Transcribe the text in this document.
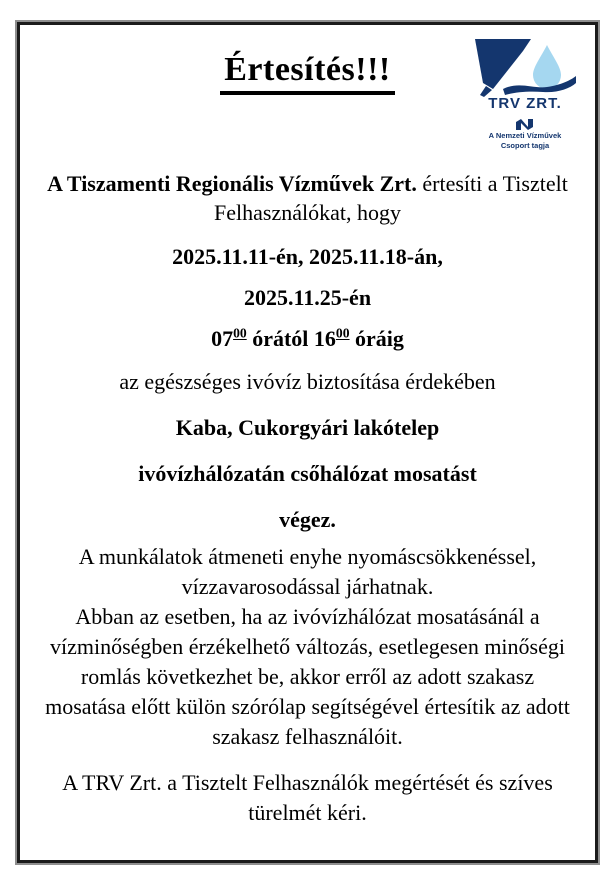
TRV ZRT.
A Nemzeti Vízművek
Csoport tagja
Értesítés!!!

A Tiszamenti Regionális Vízművek Zrt. értesíti a Tisztelt Felhasználókat, hogy

2025.11.11-én, 2025.11.18-án,

2025.11.25-én

$07^{00}$ órától $16^{00}$ óráig

az egészséges ivóvíz biztosítása érdekében

Kaba, Cukorgyári lakótelep

ivóvízhálózatán csőhálózat mosatást

végez.

A munkálatok átmeneti enyhe nyomáscsökkenéssel, vízzavarosodással járhatnak.

Abban az esetben, ha az ivóvízhálózat mosatásánál a vízminőségben érzékelhető változás, esetlegesen minőségi romlás következhet be, akkor erről az adott szakasz mosatása előtt külön szórólap segítségével értesítik az adott szakasz felhasználóit.

A TRV Zrt. a Tisztelt Felhasználók megértését és szíves türelmét kéri.
